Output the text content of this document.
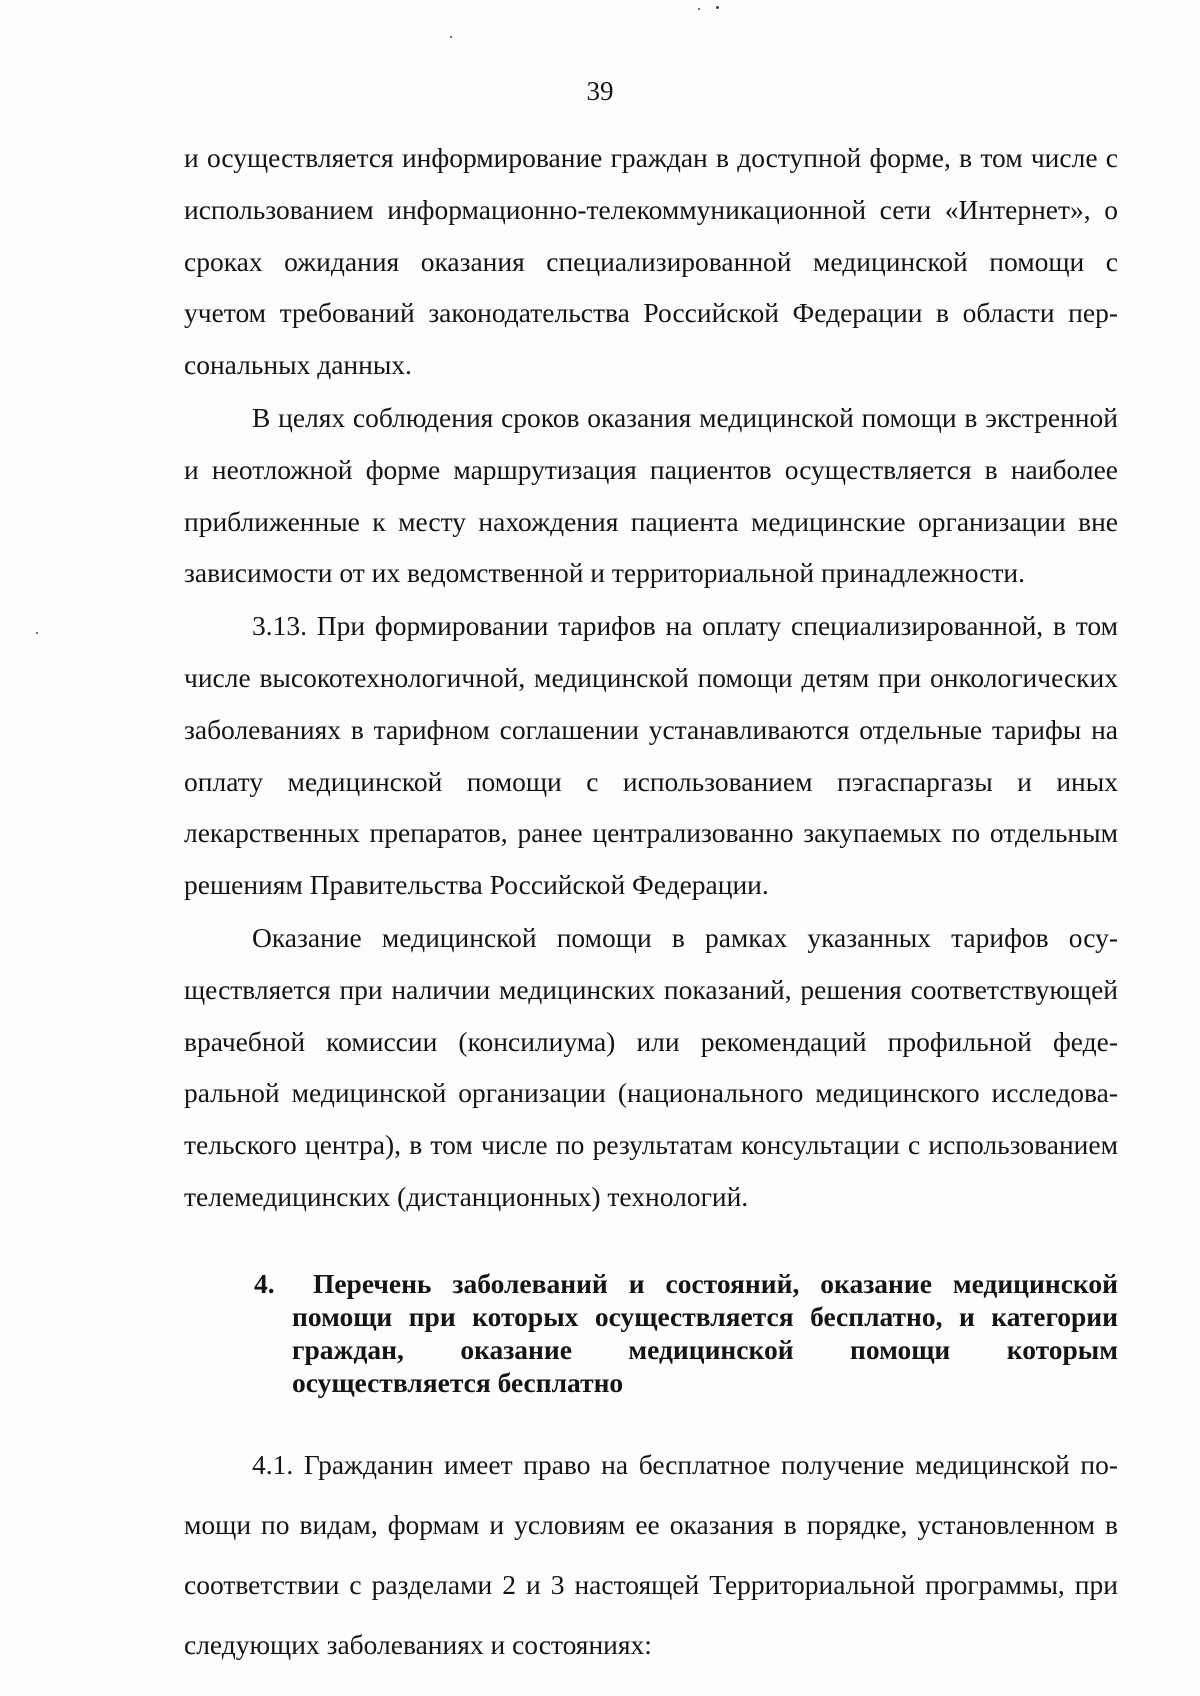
39

и осуществляется информирование граждан в доступной форме, в том числе с использованием информационно-телекоммуникационной сети «Интернет», о сроках ожидания оказания специализированной медицинской помощи с учетом требований законодательства Российской Федерации в области персональных данных.

В целях соблюдения сроков оказания медицинской помощи в экстренной и неотложной форме маршрутизация пациентов осуществляется в наиболее приближенные к месту нахождения пациента медицинские организации вне зависимости от их ведомственной и территориальной принадлежности.

3.13. При формировании тарифов на оплату специализированной, в том числе высокотехнологичной, медицинской помощи детям при онкологических заболеваниях в тарифном соглашении устанавливаются отдельные тарифы на оплату медицинской помощи с использованием пэгаспаргазы и иных лекарственных препаратов, ранее централизованно закупаемых по отдельным решениям Правительства Российской Федерации.

Оказание медицинской помощи в рамках указанных тарифов осуществляется при наличии медицинских показаний, решения соответствующей врачебной комиссии (консилиума) или рекомендаций профильной федеральной медицинской организации (национального медицинского исследовательского центра), в том числе по результатам консультации с использованием телемедицинских (дистанционных) технологий.

4. Перечень заболеваний и состояний, оказание медицинской помощи при которых осуществляется бесплатно, и категории граждан, оказание медицинской помощи которым осуществляется бесплатно

4.1. Гражданин имеет право на бесплатное получение медицинской помощи по видам, формам и условиям ее оказания в порядке, установленном в соответствии с разделами 2 и 3 настоящей Территориальной программы, при следующих заболеваниях и состояниях:
